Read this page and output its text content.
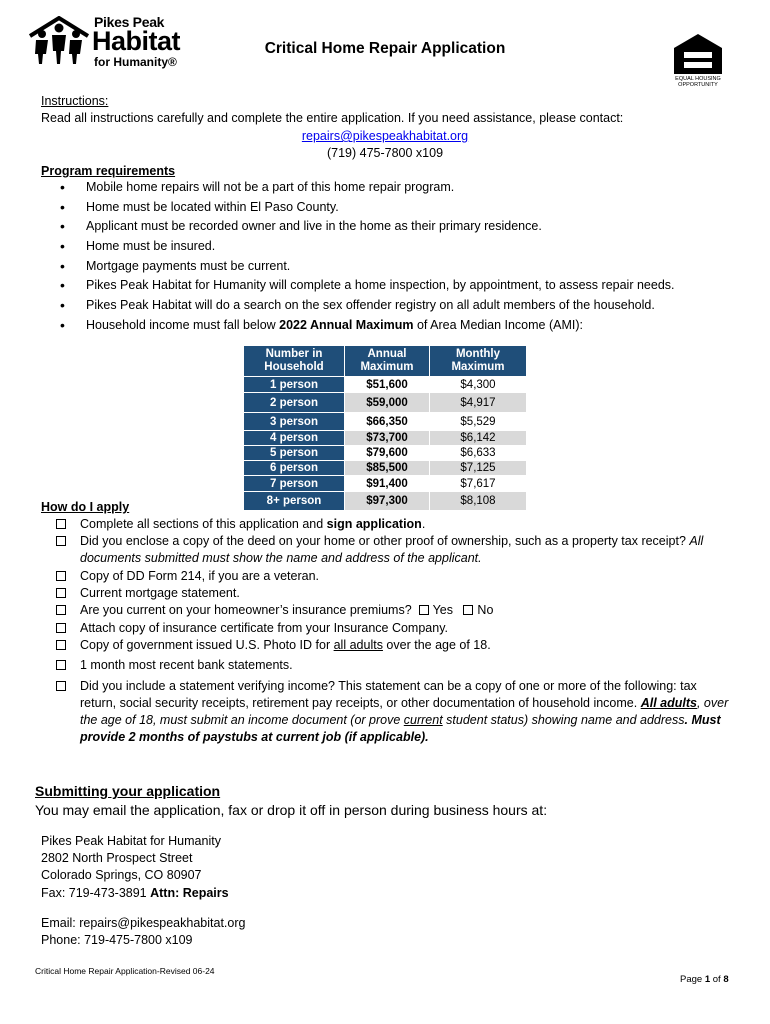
Pikes Peak
Habitat
for Humanity®
Critical Home Repair Application
EQUAL HOUSING OPPORTUNITY
Instructions:
Read all instructions carefully and complete the entire application. If you need assistance, please contact:
repairs@pikespeakhabitat.org
(719) 475-7800 x109
Program requirements
• Mobile home repairs will not be a part of this home repair program.
• Home must be located within El Paso County.
• Applicant must be recorded owner and live in the home as their primary residence.
• Home must be insured.
• Mortgage payments must be current.
• Pikes Peak Habitat for Humanity will complete a home inspection, by appointment, to assess repair needs.
• Pikes Peak Habitat will do a search on the sex offender registry on all adult members of the household.
• Household income must fall below 2022 Annual Maximum of Area Median Income (AMI):
Number in Household	Annual Maximum	Monthly Maximum
1 person	$51,600	$4,300
2 person	$59,000	$4,917
3 person	$66,350	$5,529
4 person	$73,700	$6,142
5 person	$79,600	$6,633
6 person	$85,500	$7,125
7 person	$91,400	$7,617
8+ person	$97,300	$8,108
How do I apply
Complete all sections of this application and sign application.
Did you enclose a copy of the deed on your home or other proof of ownership, such as a property tax receipt? All
documents submitted must show the name and address of the applicant.
Copy of DD Form 214, if you are a veteran.
Current mortgage statement.
Are you current on your homeowner’s insurance premiums? Yes No
Attach copy of insurance certificate from your Insurance Company.
Copy of government issued U.S. Photo ID for all adults over the age of 18.
1 month most recent bank statements.
Did you include a statement verifying income? This statement can be a copy of one or more of the following: tax
return, social security receipts, retirement pay receipts, or other documentation of household income. All adults, over
the age of 18, must submit an income document (or prove current student status) showing name and address. Must
provide 2 months of paystubs at current job (if applicable).
Submitting your application
You may email the application, fax or drop it off in person during business hours at:
Pikes Peak Habitat for Humanity
2802 North Prospect Street
Colorado Springs, CO 80907
Fax: 719-473-3891 Attn: Repairs
Email: repairs@pikespeakhabitat.org
Phone: 719-475-7800 x109
Critical Home Repair Application-Revised 06-24
Page 1 of 8
